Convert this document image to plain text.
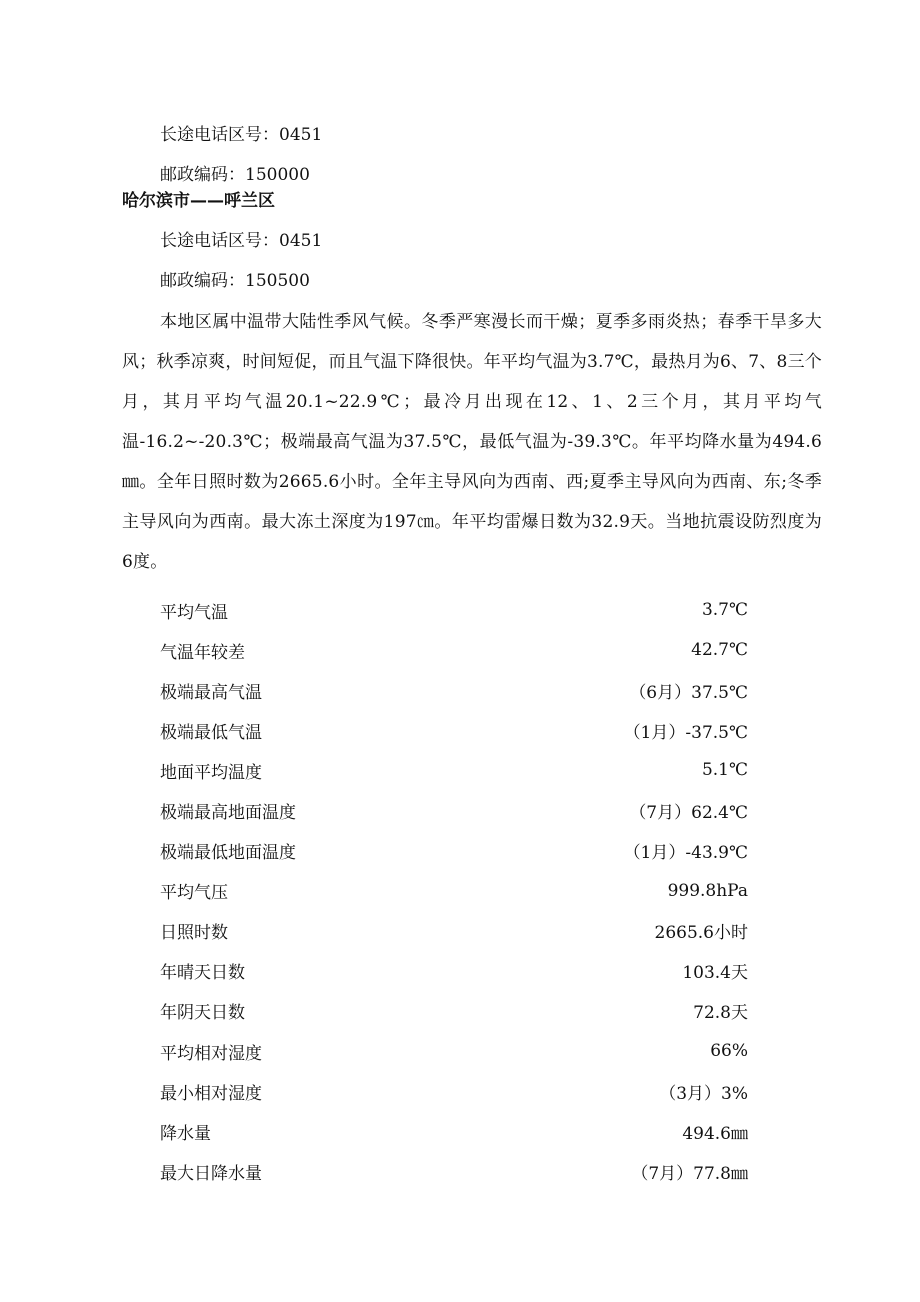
长途电话区号：0451
邮政编码：150000
哈尔滨市——呼兰区
长途电话区号：0451
邮政编码：150500
本地区属中温带大陆性季风气候。冬季严寒漫长而干燥；夏季多雨炎热；春季干旱多大风；秋季凉爽，时间短促，而且气温下降很快。年平均气温为3.7℃，最热月为6、7、8三个月，其月平均气温20.1~22.9℃；最冷月出现在12、1、2三个月，其月平均气温-16.2~-20.3℃；极端最高气温为37.5℃，最低气温为-39.3℃。年平均降水量为494.6㎜。全年日照时数为2665.6小时。全年主导风向为西南、西;夏季主导风向为西南、东;冬季主导风向为西南。最大冻土深度为197㎝。年平均雷爆日数为32.9天。当地抗震设防烈度为6度。
平均气温	3.7℃
气温年较差	42.7℃
极端最高气温	（6月）37.5℃
极端最低气温	（1月）-37.5℃
地面平均温度	5.1℃
极端最高地面温度	（7月）62.4℃
极端最低地面温度	（1月）-43.9℃
平均气压	999.8hPa
日照时数	2665.6小时
年晴天日数	103.4天
年阴天日数	72.8天
平均相对湿度	66%
最小相对湿度	（3月）3%
降水量	494.6㎜
最大日降水量	（7月）77.8㎜
